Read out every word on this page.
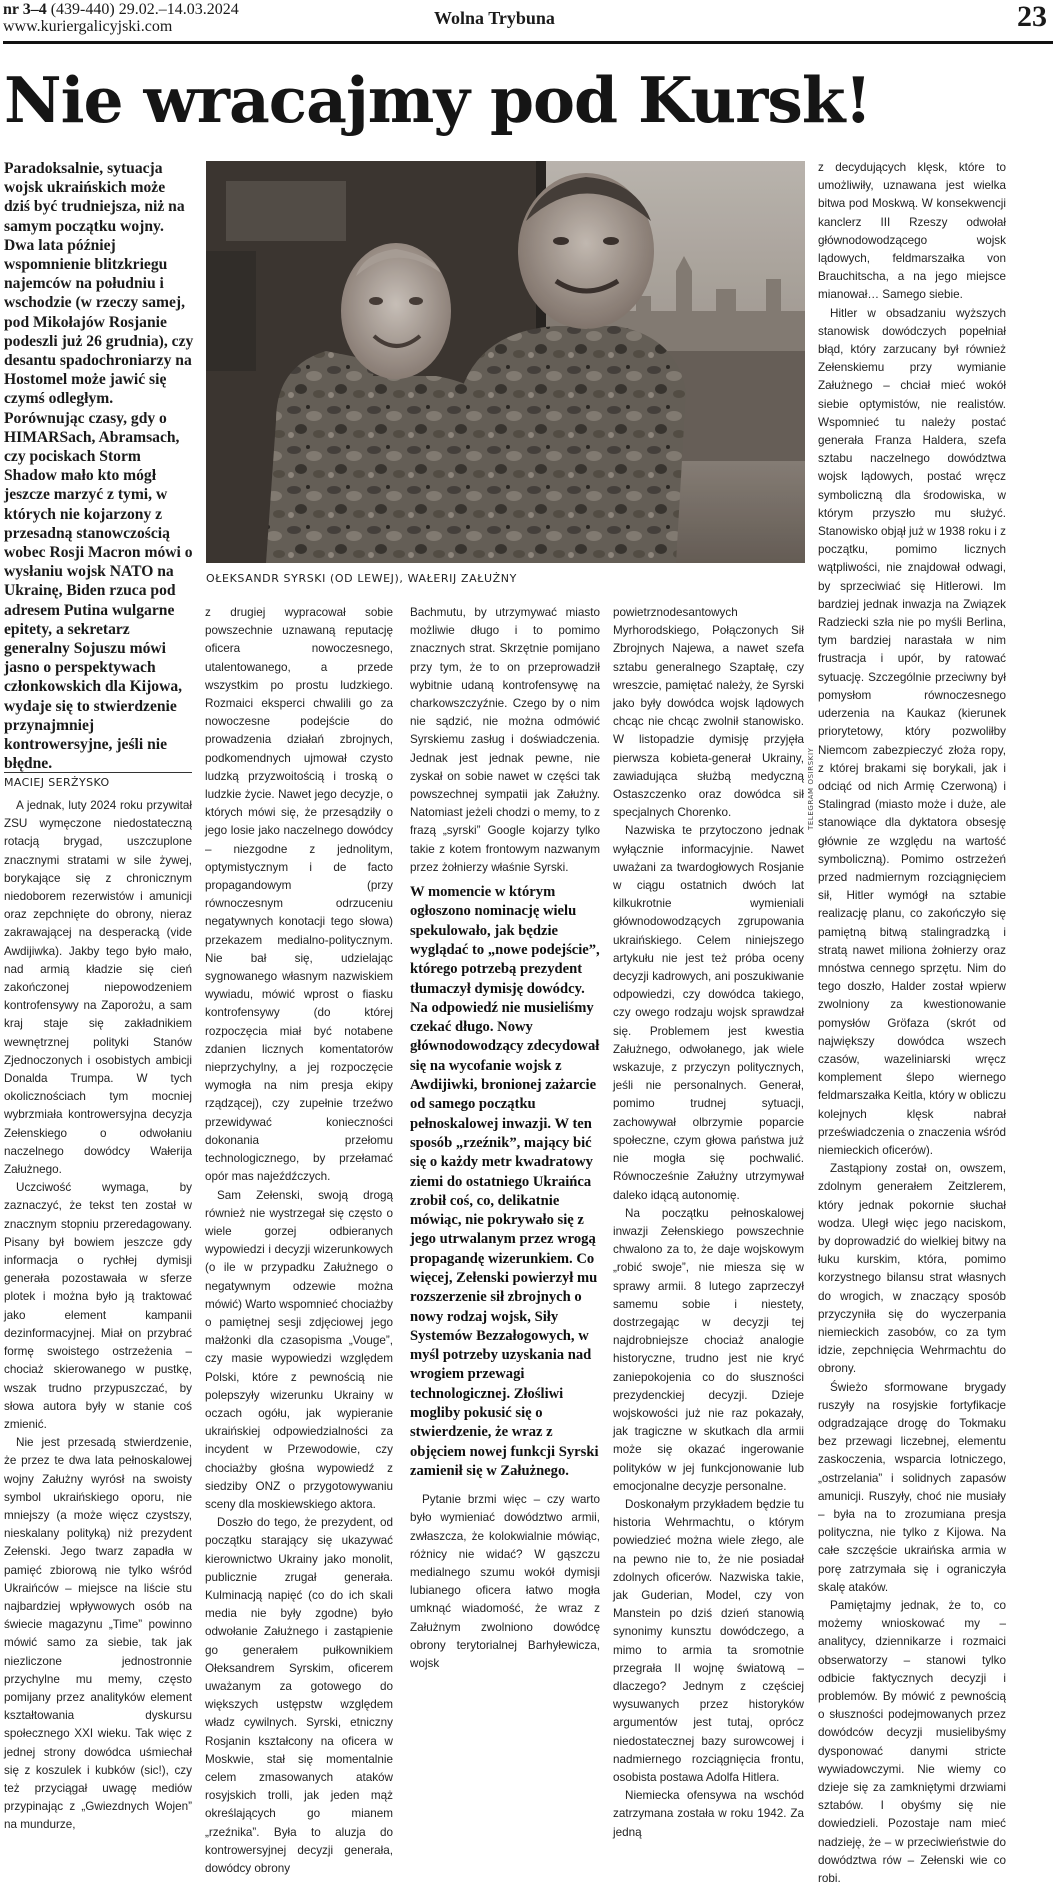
nr 3–4 (439-440) 29.02.–14.03.2024
www.kuriergalicyjski.com	Wolna Trybuna	23
Nie wracajmy pod Kursk!

Paradoksalnie, sytuacja wojsk ukraińskich może dziś być trudniejsza, niż na samym początku wojny. Dwa lata później wspomnienie blitzkriegu najemców na południu i wschodzie (w rzeczy samej, pod Mikołajów Rosjanie podeszli już 26 grudnia), czy desantu spadochroniarzy na Hostomel może jawić się czymś odległym. Porównując czasy, gdy o HIMARSach, Abramsach, czy pociskach Storm Shadow mało kto mógł jeszcze marzyć z tymi, w których nie kojarzony z przesadną stanowczością wobec Rosji Macron mówi o wysłaniu wojsk NATO na Ukrainę, Biden rzuca pod adresem Putina wulgarne epitety, a sekretarz generalny Sojuszu mówi jasno o perspektywach członkowskich dla Kijowa, wydaje się to stwierdzenie przynajmniej kontrowersyjne, jeśli nie błędne.

MACIEJ SERŻYSKO
OŁEKSANDR SYRSKI (OD LEWEJ), WAŁERIJ ZAŁUŻNY
TELEGRAM OSIRSKIY

A jednak, luty 2024 roku przywitał ZSU wymęczone niedostateczną rotacją brygad, uszczuplone znacznymi stratami w sile żywej, borykające się z chronicznym niedoborem rezerwistów i amunicji oraz zepchnięte do obrony, nieraz zakrawającej na desperacką (vide Awdijiwka). Jakby tego było mało, nad armią kładzie się cień zakończonej niepowodzeniem kontrofensywy na Zaporożu, a sam kraj staje się zakładnikiem wewnętrznej polityki Stanów Zjednoczonych i osobistych ambicji Donalda Trumpa. W tych okolicznościach tym mocniej wybrzmiała kontrowersyjna decyzja Zełenskiego o odwołaniu naczelnego dowódcy Wałerija Załużnego.

Uczciwość wymaga, by zaznaczyć, że tekst ten został w znacznym stopniu przeredagowany. Pisany był bowiem jeszcze gdy informacja o rychłej dymisji generała pozostawała w sferze plotek i można było ją traktować jako element kampanii dezinformacyjnej. Miał on przybrać formę swoistego ostrzeżenia – chociaż skierowanego w pustkę, wszak trudno przypuszczać, by słowa autora były w stanie coś zmienić.

Nie jest przesadą stwierdzenie, że przez te dwa lata pełnoskalowej wojny Załużny wyrósł na swoisty symbol ukraińskiego oporu, nie mniejszy (a może więcz czystszy, nieskalany polityką) niż prezydent Zełenski. Jego twarz zapadła w pamięć zbiorową nie tylko wśród Ukraińców – miejsce na liście stu najbardziej wpływowych osób na świecie magazynu „Time” powinno mówić samo za siebie, tak jak niezliczone jednostronnie przychylne mu memy, często pomijany przez analityków element kształtowania dyskursu społecznego XXI wieku. Tak więc z jednej strony dowódca uśmiechał się z koszulek i kubków (sic!), czy też przyciągał uwagę mediów przypinając z „Gwiezdnych Wojen” na mundurze,

z drugiej wypracował sobie powszechnie uznawaną reputację oficera nowoczesnego, utalentowanego, a przede wszystkim po prostu ludzkiego. Rozmaici eksperci chwalili go za nowoczesne podejście do prowadzenia działań zbrojnych, podkomendnych ujmował czysto ludzką przyzwoitością i troską o ludzkie życie. Nawet jego decyzje, o których mówi się, że przesądziły o jego losie jako naczelnego dowódcy – niezgodne z jednolitym, optymistycznym i de facto propagandowym (przy równoczesnym odrzuceniu negatywnych konotacji tego słowa) przekazem medialno-politycznym. Nie bał się, udzielając sygnowanego własnym nazwiskiem wywiadu, mówić wprost o fiasku kontrofensywy (do której rozpoczęcia miał być notabene zdanien licznych komentatorów nieprzychylny, a jej rozpoczęcie wymogła na nim presja ekipy rządzącej), czy zupełnie trzeźwo przewidywać konieczności dokonania przełomu technologicznego, by przełamać opór mas najeźdźczych.

Sam Zełenski, swoją drogą również nie wystrzegał się często o wiele gorzej odbieranych wypowiedzi i decyzji wizerunkowych (o ile w przypadku Załużnego o negatywnym odzewie można mówić) Warto wspomnieć chociażby o pamiętnej sesji zdjęciowej jego małżonki dla czasopisma „Vouge”, czy masie wypowiedzi względem Polski, które z pewnością nie polepszyły wizerunku Ukrainy w oczach ogółu, jak wypieranie ukraińskiej odpowiedzialności za incydent w Przewodowie, czy chociażby głośna wypowiedź z siedziby ONZ o przygotowywaniu sceny dla moskiewskiego aktora.

Doszło do tego, że prezydent, od początku starający się ukazywać kierownictwo Ukrainy jako monolit, publicznie zrugał generała. Kulminacją napięć (co do ich skali media nie były zgodne) było odwołanie Załużnego i zastąpienie go generałem pułkownikiem Ołeksandrem Syrskim, oficerem uważanym za gotowego do większych ustępstw względem władz cywilnych. Syrski, etniczny Rosjanin kształcony na oficera w Moskwie, stał się momentalnie celem zmasowanych ataków rosyjskich trolli, jak jeden mąż określających go mianem „rzeźnika”. Była to aluzja do kontrowersyjnej decyzji generała, dowódcy obrony

Bachmutu, by utrzymywać miasto możliwie długo i to pomimo znacznych strat. Skrzętnie pomijano przy tym, że to on przeprowadził wybitnie udaną kontrofensywę na charkowszczyźnie. Czego by o nim nie sądzić, nie można odmówić Syrskiemu zasług i doświadczenia. Jednak jest jednak pewne, nie zyskał on sobie nawet w części tak powszechnej sympatii jak Załużny. Natomiast jeżeli chodzi o memy, to z frazą „syrski” Google kojarzy tylko takie z kotem frontowym nazwanym przez żołnierzy właśnie Syrski.

W momencie w którym ogłoszono nominację wielu spekulowało, jak będzie wyglądać to „nowe podejście”, którego potrzebą prezydent tłumaczył dymisję dowódcy. Na odpowiedź nie musieliśmy czekać długo. Nowy głównodowodzący zdecydował się na wycofanie wojsk z Awdijiwki, bronionej zażarcie od samego początku pełnoskalowej inwazji. W ten sposób „rzeźnik”, mający bić się o każdy metr kwadratowy ziemi do ostatniego Ukraińca zrobił coś, co, delikatnie mówiąc, nie pokrywało się z jego utrwalanym przez wrogą propagandę wizerunkiem. Co więcej, Zełenski powierzył mu rozszerzenie sił zbrojnych o nowy rodzaj wojsk, Siły Systemów Bezzałogowych, w myśl potrzeby uzyskania nad wrogiem przewagi technologicznej. Złośliwi mogliby pokusić się o stwierdzenie, że wraz z objęciem nowej funkcji Syrski zamienił się w Załużnego.

Pytanie brzmi więc – czy warto było wymieniać dowództwo armii, zwłaszcza, że kolokwialnie mówiąc, różnicy nie widać? W gąszczu medialnego szumu wokół dymisji lubianego oficera łatwo mogła umknąć wiadomość, że wraz z Załużnym zwolniono dowódcę obrony terytorialnej Barhyłewicza, wojsk

powietrznodesantowych Myrhorodskiego, Połączonych Sił Zbrojnych Najewa, a nawet szefa sztabu generalnego Szaptałę, czy wreszcie, pamiętać należy, że Syrski jako były dowódca wojsk lądowych chcąc nie chcąc zwolnił stanowisko. W listopadzie dymisję przyjęła pierwsza kobieta-generał Ukrainy, zawiadująca służbą medyczną Ostaszczenko oraz dowódca sił specjalnych Chorenko.

Nazwiska te przytoczono jednak wyłącznie informacyjnie. Nawet uważani za twardogłowych Rosjanie w ciągu ostatnich dwóch lat kilkukrotnie wymieniali głównodowodzących zgrupowania ukraińskiego. Celem niniejszego artykułu nie jest też próba oceny decyzji kadrowych, ani poszukiwanie odpowiedzi, czy dowódca takiego, czy owego rodzaju wojsk sprawdzał się. Problemem jest kwestia Załużnego, odwołanego, jak wiele wskazuje, z przyczyn politycznych, jeśli nie personalnych. Generał, pomimo trudnej sytuacji, zachowywał olbrzymie poparcie społeczne, czym głowa państwa już nie mogła się pochwalić. Równocześnie Załużny utrzymywał daleko idącą autonomię.

Na początku pełnoskalowej inwazji Zełenskiego powszechnie chwalono za to, że daje wojskowym „robić swoje”, nie miesza się w sprawy armii. 8 lutego zaprzeczył samemu sobie i niestety, dostrzegając w decyzji tej najdrobniejsze chociaż analogie historyczne, trudno jest nie kryć zaniepokojenia co do słuszności prezydenckiej decyzji. Dzieje wojskowości już nie raz pokazały, jak tragiczne w skutkach dla armii może się okazać ingerowanie polityków w jej funkcjonowanie lub emocjonalne decyzje personalne.

Doskonałym przykładem będzie tu historia Wehrmachtu, o którym powiedzieć można wiele złego, ale na pewno nie to, że nie posiadał zdolnych oficerów. Nazwiska takie, jak Guderian, Model, czy von Manstein po dziś dzień stanowią synonimy kunsztu dowódczego, a mimo to armia ta sromotnie przegrała II wojnę światową – dlaczego? Jednym z częściej wysuwanych przez historyków argumentów jest tutaj, oprócz niedostatecznej bazy surowcowej i nadmiernego rozciągnięcia frontu, osobista postawa Adolfa Hitlera.

Niemiecka ofensywa na wschód zatrzymana została w roku 1942. Za jedną

z decydujących klęsk, które to umożliwiły, uznawana jest wielka bitwa pod Moskwą. W konsekwencji kanclerz III Rzeszy odwołał głównodowodzącego wojsk lądowych, feldmarszałka von Brauchitscha, a na jego miejsce mianował… Samego siebie.

Hitler w obsadzaniu wyższych stanowisk dowódczych popełniał błąd, który zarzucany był również Zełenskiemu przy wymianie Załużnego – chciał mieć wokół siebie optymistów, nie realistów. Wspomnieć tu należy postać generała Franza Haldera, szefa sztabu naczelnego dowództwa wojsk lądowych, postać wręcz symboliczną dla środowiska, w którym przyszło mu służyć. Stanowisko objął już w 1938 roku i z początku, pomimo licznych wątpliwości, nie znajdował odwagi, by sprzeciwiać się Hitlerowi. Im bardziej jednak inwazja na Związek Radziecki szła nie po myśli Berlina, tym bardziej narastała w nim frustracja i upór, by ratować sytuację. Szczególnie przeciwny był pomysłom równoczesnego uderzenia na Kaukaz (kierunek priorytetowy, który pozwoliłby Niemcom zabezpieczyć złoża ropy, z której brakami się borykali, jak i odciąć od nich Armię Czerwoną) i Stalingrad (miasto może i duże, ale stanowiące dla dyktatora obsesję głównie ze względu na wartość symboliczną). Pomimo ostrzeżeń przed nadmiernym rozciągnięciem sił, Hitler wymógł na sztabie realizację planu, co zakończyło się pamiętną bitwą stalingradzką i stratą nawet miliona żołnierzy oraz mnóstwa cennego sprzętu. Nim do tego doszło, Halder został wpierw zwolniony za kwestionowanie pomysłów Gröfaza (skrót od największy dowódca wszech czasów, wazeliniarski wręcz komplement ślepo wiernego feldmarszałka Keitla, który w obliczu kolejnych klęsk nabrał przeświadczenia o znaczenia wśród niemieckich oficerów).

Zastąpiony został on, owszem, zdolnym generałem Zeitzlerem, który jednak pokornie słuchał wodza. Uległ więc jego naciskom, by doprowadzić do wielkiej bitwy na łuku kurskim, która, pomimo korzystnego bilansu strat własnych do wrogich, w znaczący sposób przyczyniła się do wyczerpania niemieckich zasobów, co za tym idzie, zepchnięcia Wehrmachtu do obrony.

Świeżo sformowane brygady ruszyły na rosyjskie fortyfikacje odgradzające drogę do Tokmaku bez przewagi liczebnej, elementu zaskoczenia, wsparcia lotniczego, „ostrzelania” i solidnych zapasów amunicji. Ruszyły, choć nie musiały – była na to zrozumiana presja polityczna, nie tylko z Kijowa. Na całe szczęście ukraińska armia w porę zatrzymała się i ograniczyła skalę ataków.

Pamiętajmy jednak, że to, co możemy wnioskować my – analitycy, dziennikarze i rozmaici obserwatorzy – stanowi tylko odbicie faktycznych decyzji i problemów. By mówić z pewnością o słuszności podejmowanych przez dowódców decyzji musielibyśmy dysponować danymi stricte wywiadowczymi. Nie wiemy co dzieje się za zamkniętymi drzwiami sztabów. I obyśmy się nie dowiedzieli. Pozostaje nam mieć nadzieję, że – w przeciwieństwie do dowództwa rów – Zełenski wie co robi.
